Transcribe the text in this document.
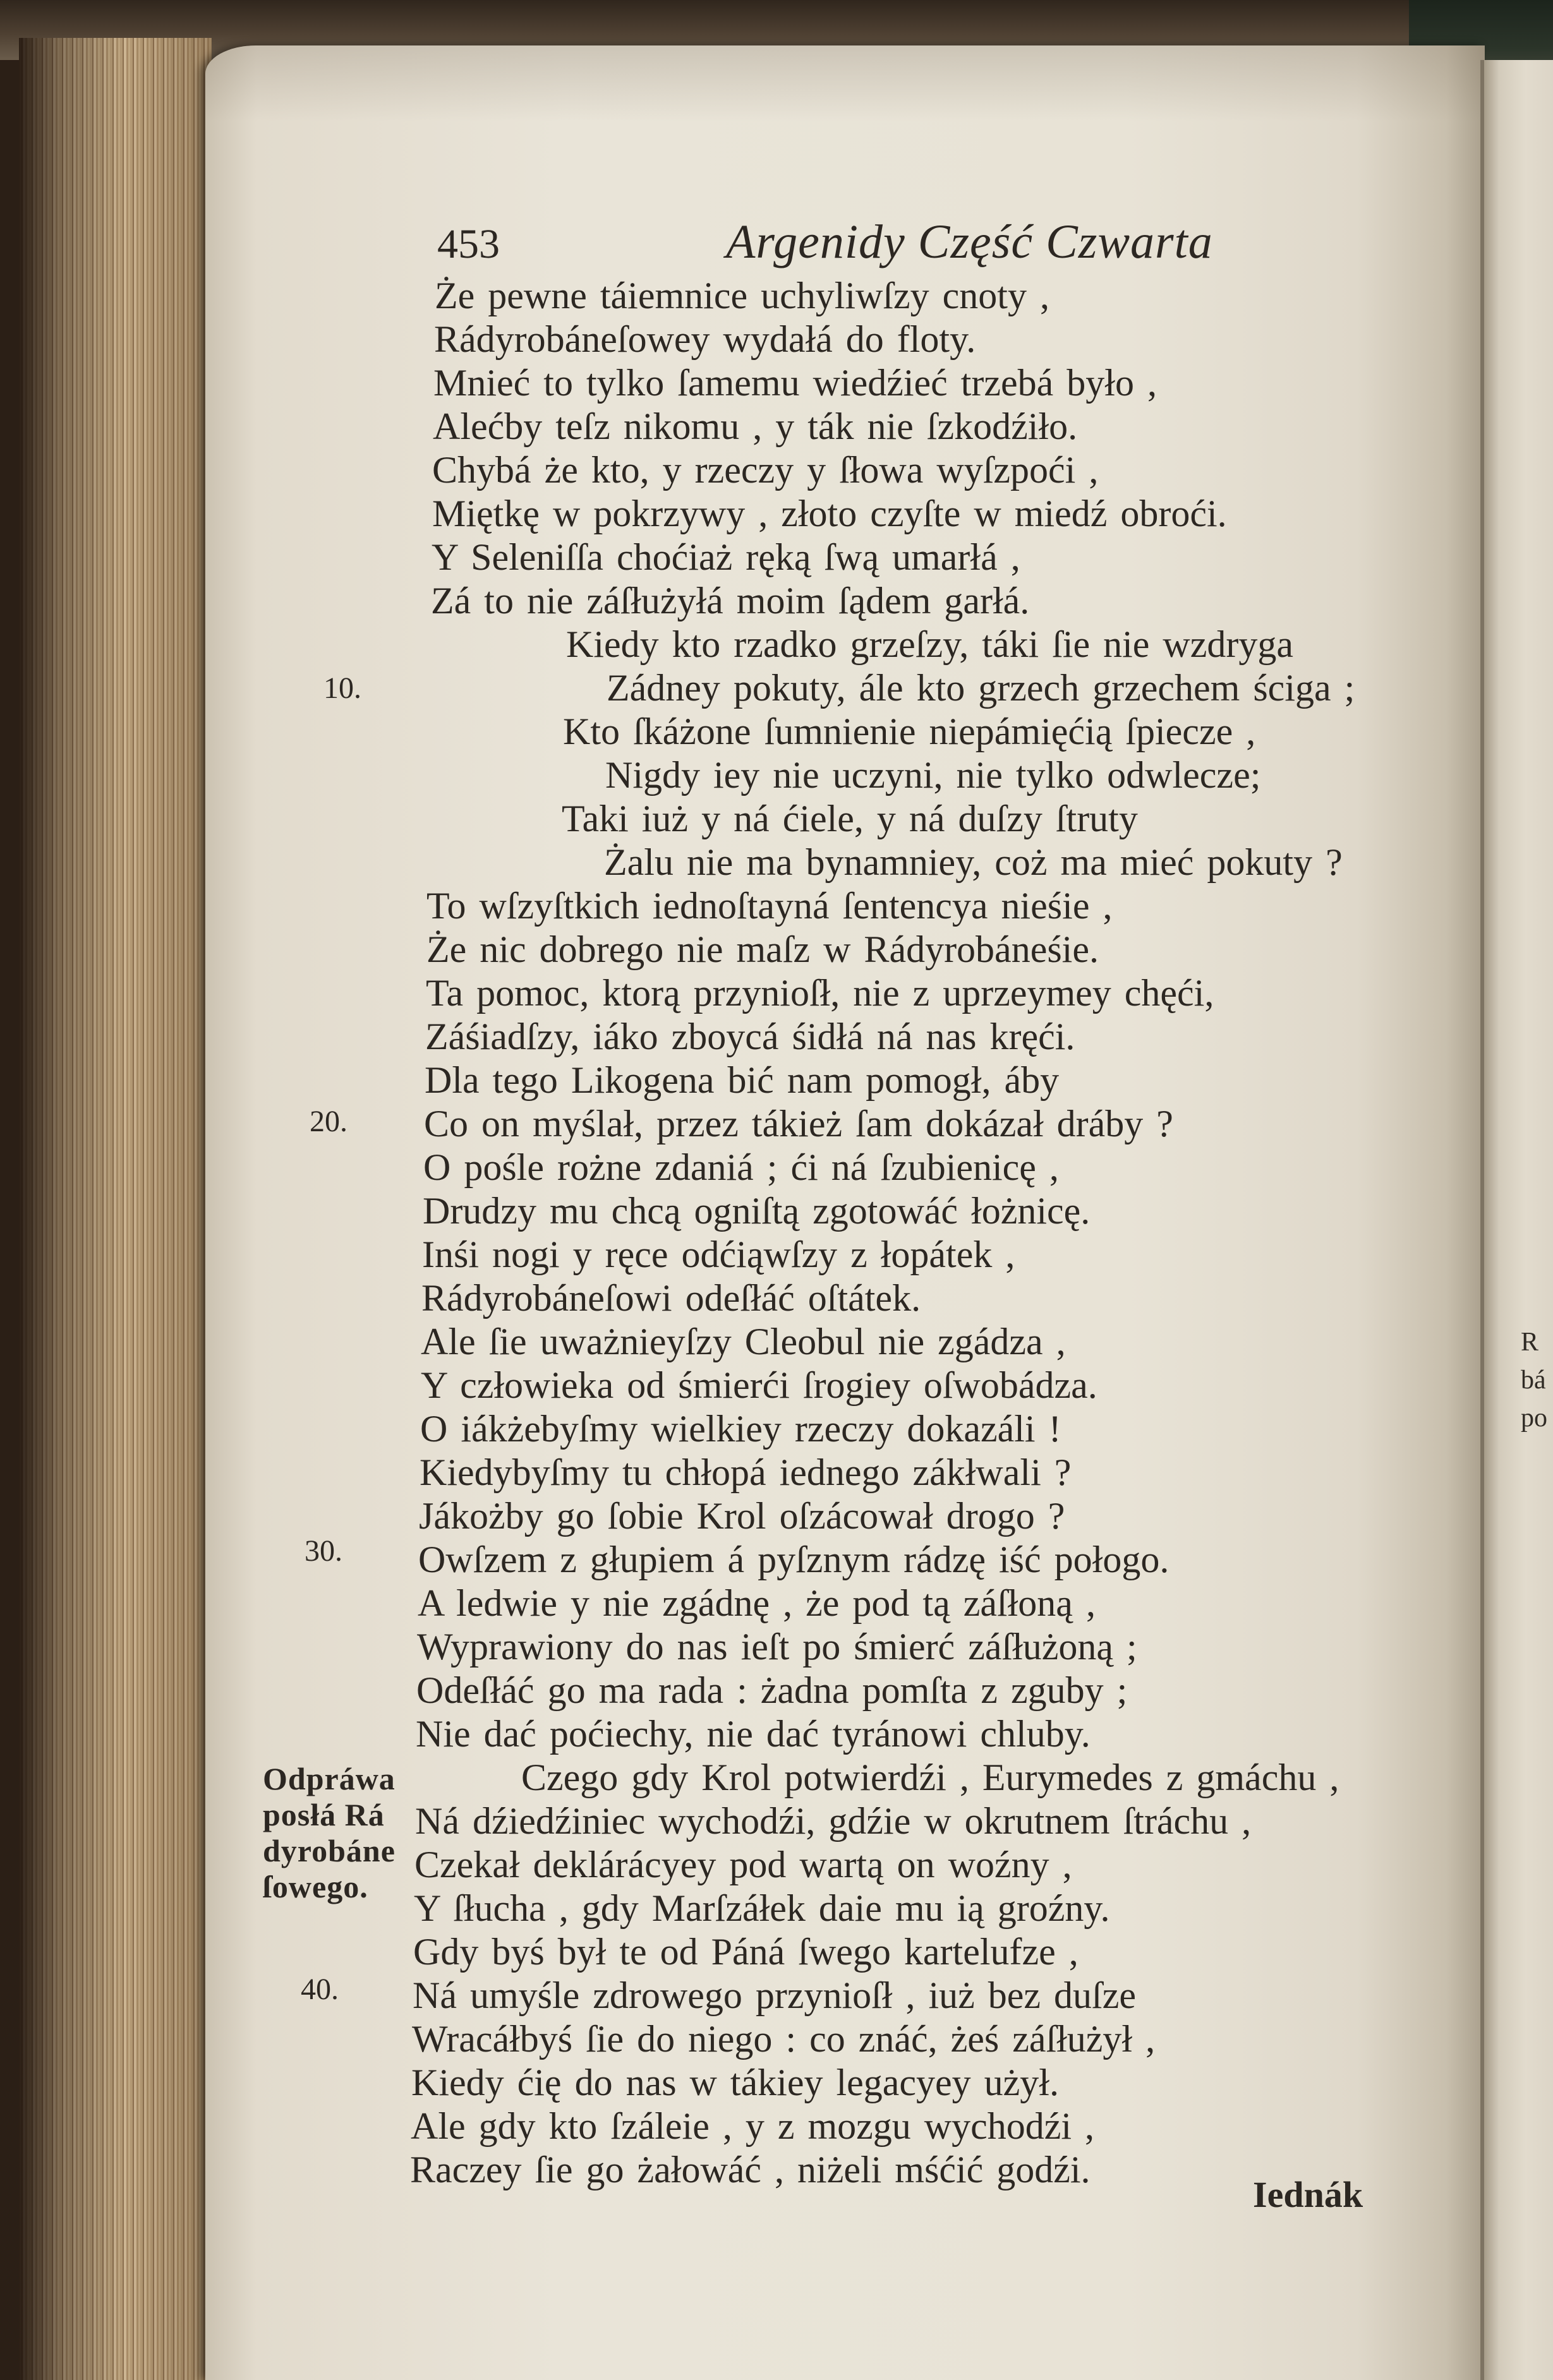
R
bá
po
453	Argenidy Część Czwarta
Że pewne táiemnice uchyliwſzy cnoty ,
Rádyrobáneſowey wydałá do floty.
Mnieć to tylko ſamemu wiedźieć trzebá było ,
Alećby teſz nikomu , y ták nie ſzkodźiło.
Chybá że kto, y rzeczy y ſłowa wyſzpoći ,
Miętkę w pokrzywy , złoto czyſte w miedź obroći.
Y Seleniſſa choćiaż ręką ſwą umarłá ,
Zá to nie záſłużyłá moim ſądem garłá.
Kiedy kto rzadko grzeſzy, táki ſie nie wzdryga
Zádney pokuty, ále kto grzech grzechem ściga ;
Kto ſkáżone ſumnienie niepámięćią ſpiecze ,
Nigdy iey nie uczyni, nie tylko odwlecze;
Taki iuż y ná ćiele, y ná duſzy ſtruty
Żalu nie ma bynamniey, coż ma mieć pokuty ?
To wſzyſtkich iednoſtayná ſentencya nieśie ,
Że nic dobrego nie maſz w Rádyrobáneśie.
Ta pomoc, ktorą przynioſł, nie z uprzeymey chęći,
Záśiadſzy, iáko zboycá śidłá ná nas kręći.
Dla tego Likogena bić nam pomogł, áby
Co on myślał, przez tákież ſam dokázał dráby ?
O pośle rożne zdaniá ; ći ná ſzubienicę ,
Drudzy mu chcą ogniſtą zgotowáć łożnicę.
Inśi nogi y ręce odćiąwſzy z łopátek ,
Rádyrobáneſowi odeſłáć oſtátek.
Ale ſie uważnieyſzy Cleobul nie zgádza ,
Y człowieka od śmierći ſrogiey oſwobádza.
O iákżebyſmy wielkiey rzeczy dokazáli !
Kiedybyſmy tu chłopá iednego zákłwali ?
Jákożby go ſobie Krol oſzácował drogo ?
Owſzem z głupiem á pyſznym rádzę iść połogo.
A ledwie y nie zgádnę , że pod tą záſłoną ,
Wyprawiony do nas ieſt po śmierć záſłużoną ;
Odeſłáć go ma rada : żadna pomſta z zguby ;
Nie dać poćiechy, nie dać tyránowi chluby.
Czego gdy Krol potwierdźi , Eurymedes z gmáchu ,
Ná dźiedźiniec wychodźi, gdźie w okrutnem ſtráchu ,
Czekał deklárácyey pod wartą on woźny ,
Y ſłucha , gdy Marſzáłek daie mu ią groźny.
Gdy byś był te od Páná ſwego kartelufze ,
Ná umyśle zdrowego przynioſł , iuż bez duſze
Wracáłbyś ſie do niego : co znáć, żeś záſłużył ,
Kiedy ćię do nas w tákiey legacyey użył.
Ale gdy kto ſzáleie , y z mozgu wychodźi ,
Raczey ſie go żałowáć , niżeli mśćić godźi.
10.
20.
30.
40.
Odpráwa
posłá Rá
dyrobáne
ſowego.
Iednák
